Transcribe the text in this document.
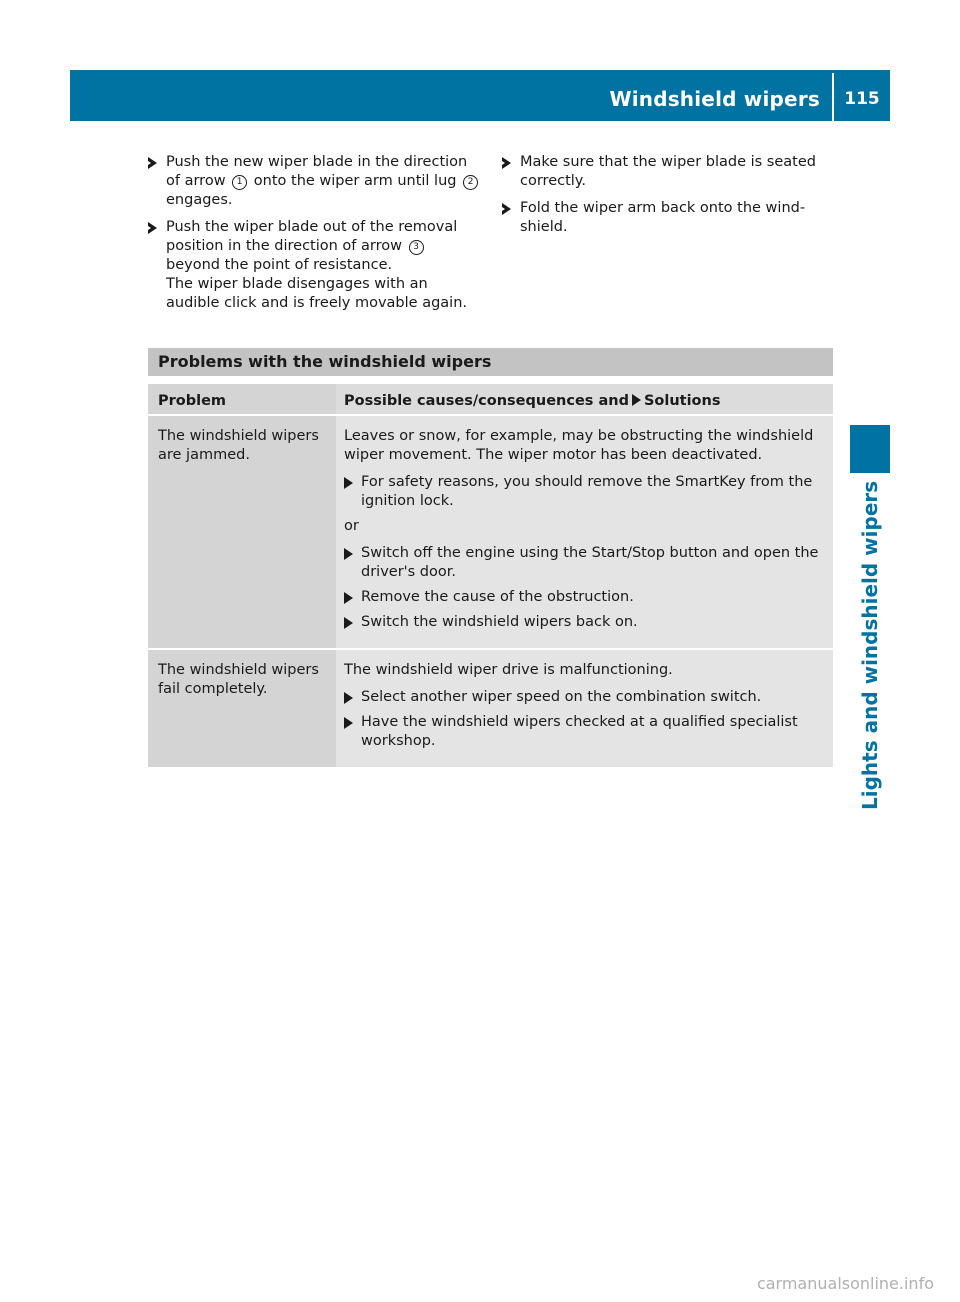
Windshield wipers	115
Lights and windshield wipers
Push the new wiper blade in the direction of arrow 1 onto the wiper arm until lug 2 engages.
Push the wiper blade out of the removal position in the direction of arrow 3 beyond the point of resistance.
The wiper blade disengages with an audible click and is freely movable again.
Make sure that the wiper blade is seated correctly.
Fold the wiper arm back onto the wind- shield.
Problems with the windshield wipers
Problem	Possible causes/consequences and Solutions
The windshield wipers are jammed.

Leaves or snow, for example, may be obstructing the windshield wiper movement. The wiper motor has been deactivated.

For safety reasons, you should remove the SmartKey from the ignition lock.

or

Switch off the engine using the Start/Stop button and open the driver's door.
Remove the cause of the obstruction.
Switch the windshield wipers back on.
The windshield wipers fail completely.

The windshield wiper drive is malfunctioning.

Select another wiper speed on the combination switch.
Have the windshield wipers checked at a qualified specialist workshop.
carmanualsonline.info
